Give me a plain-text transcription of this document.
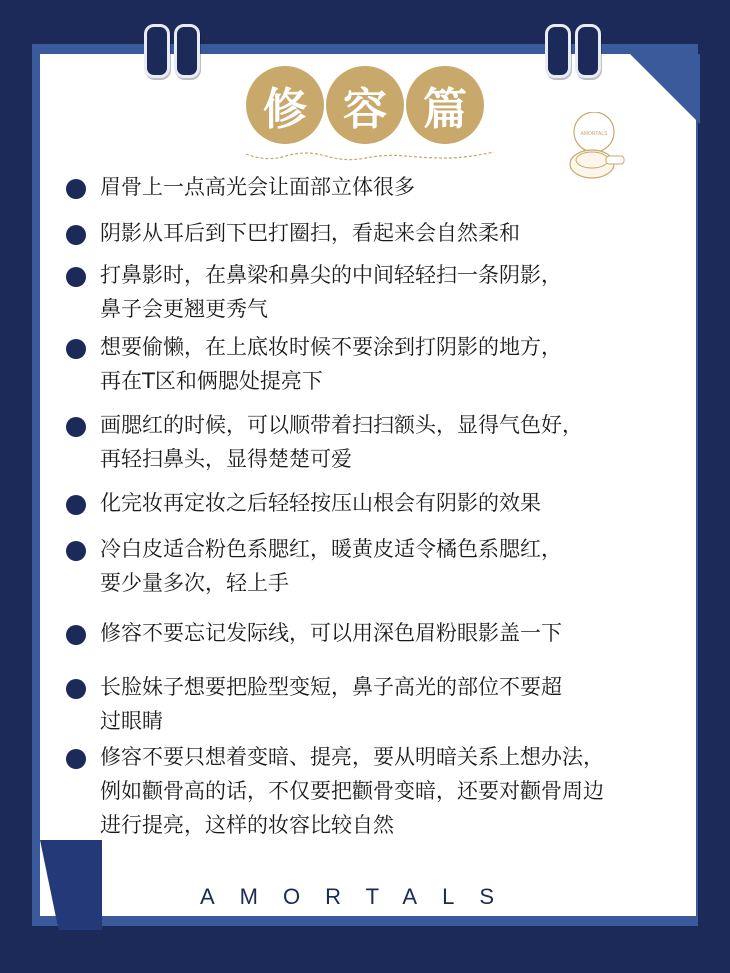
修 容 篇	AMORTALS
眉骨上一点高光会让面部立体很多
阴影从耳后到下巴打圈扫，看起来会自然柔和
打鼻影时，在鼻梁和鼻尖的中间轻轻扫一条阴影，
鼻子会更翘更秀气
想要偷懒，在上底妆时候不要涂到打阴影的地方，
再在T区和俩腮处提亮下
画腮红的时候，可以顺带着扫扫额头，显得气色好，
再轻扫鼻头，显得楚楚可爱
化完妆再定妆之后轻轻按压山根会有阴影的效果
冷白皮适合粉色系腮红，暖黄皮适令橘色系腮红，
要少量多次，轻上手
修容不要忘记发际线，可以用深色眉粉眼影盖一下
长脸妹子想要把脸型变短，鼻子高光的部位不要超
过眼睛
修容不要只想着变暗、提亮，要从明暗关系上想办法，
例如颧骨高的话，不仅要把颧骨变暗，还要对颧骨周边
进行提亮，这样的妆容比较自然
AMORTALS
